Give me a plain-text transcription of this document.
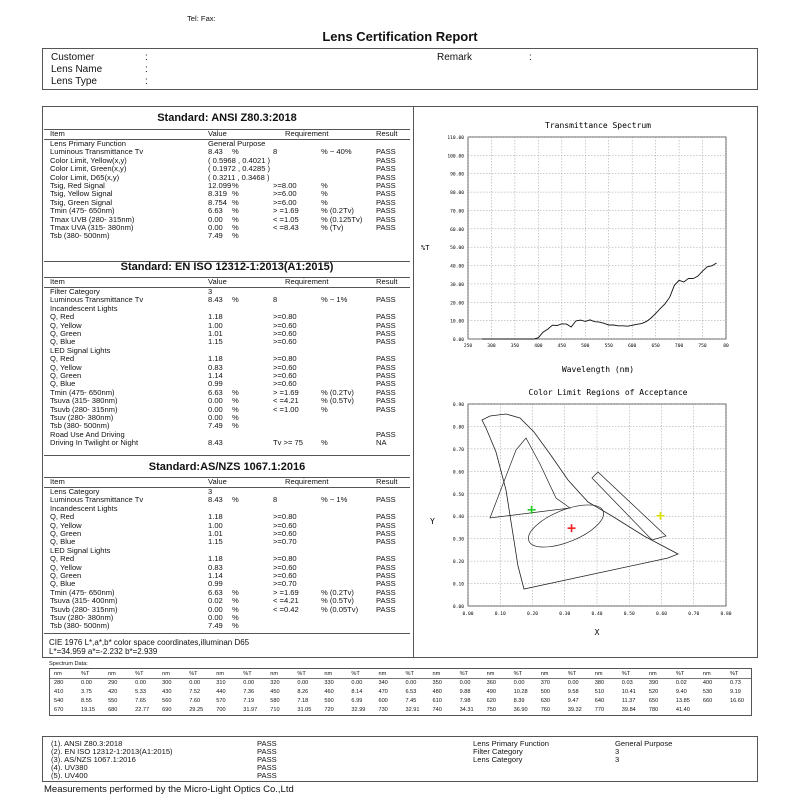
Tel: Fax:
Lens Certification Report
Customer	:
Lens Name	:
Lens Type	:
Remark	:
Standard: ANSI Z80.3:2018
Item	Value	Requirement	Result
Lens Primary Function	General Purpose
Luminous Transmittance Tv	8.43 %	8	% ~ 40%	PASS
Color Limit, Yellow(x,y)	( 0.5968 , 0.4021 )	PASS
Color Limit, Green(x,y)	( 0.1972 , 0.4285 )	PASS
Color Limit, D65(x,y)	( 0.3211 , 0.3468 )	PASS
Tsig, Red Signal	12.099 %	>=8.00	%	PASS
Tsig, Yellow Signal	8.319 %	>=6.00	%	PASS
Tsig, Green Signal	8.754 %	>=6.00	%	PASS
Tmin (475- 650nm)	6.63 %	> =1.69	% (0.2Tv)	PASS
Tmax UVB (280- 315nm)	0.00 %	< =1.05	% (0.125Tv) PASS
Tmax UVA (315- 380nm)	0.00 %	< =8.43	% (Tv)	PASS
Tsb (380- 500nm)	7.49 %
Standard: EN ISO 12312-1:2013(A1:2015)
Item	Value	Requirement	Result
Filter Category	3
Luminous Transmittance Tv	8.43 %	8	% ~ 1%	PASS
Incandescent Lights
Q, Red	1.18	>=0.80	PASS
Q, Yellow	1.00	>=0.60	PASS
Q, Green	1.01	>=0.60	PASS
Q, Blue	1.15	>=0.60	PASS
LED Signal Lights
Q, Red	1.18	>=0.80	PASS
Q, Yellow	0.83	>=0.60	PASS
Q, Green	1.14	>=0.60	PASS
Q, Blue	0.99	>=0.60	PASS
Tmin (475- 650nm)	6.63 %	> =1.69	% (0.2Tv)	PASS
Tsuva (315- 380nm)	0.00 %	< =4.21	% (0.5Tv)	PASS
Tsuvb (280- 315nm)	0.00 %	< =1.00	%	PASS
Tsuv (280- 380nm)	0.00 %
Tsb (380- 500nm)	7.49 %
Road Use And Driving	PASS
Driving In Twilight or Night	8.43	Tv >= 75 %	NA
Standard:AS/NZS 1067.1:2016
Item	Value	Requirement	Result
Lens Category	3
Luminous Transmittance Tv	8.43 %	8	% ~ 1%	PASS
Incandescent Lights
Q, Red	1.18	>=0.80	PASS
Q, Yellow	1.00	>=0.60	PASS
Q, Green	1.01	>=0.60	PASS
Q, Blue	1.15	>=0.70	PASS
LED Signal Lights
Q, Red	1.18	>=0.80	PASS
Q, Yellow	0.83	>=0.60	PASS
Q, Green	1.14	>=0.60	PASS
Q, Blue	0.99	>=0.70	PASS
Tmin (475- 650nm)	6.63 %	> =1.69	% (0.2Tv)	PASS
Tsuva (315- 400nm)	0.02 %	< =4.21	% (0.5Tv)	PASS
Tsuvb (280- 315nm)	0.00 %	< =0.42	% (0.05Tv) PASS
Tsuv (280- 380nm)	0.00 %
Tsb (380- 500nm)	7.49 %
CIE 1976 L*,a*,b* color space coordinates,illuminan D65
L*=34.959 a*=-2.232 b*=2.939
Transmittance Spectrum
0.00
10.00
20.00
30.00
40.00
50.00
60.00
70.00
80.00
90.00
100.00
110.00
250	300	350	400	450	500	550	600	650	700	750	80
%T
Wavelength (nm)
Color Limit Regions of Acceptance
0.00
0.10
0.20
0.30
0.40
0.50
0.60
0.70
0.80
0.90
0.00	0.10	0.20	0.30	0.40	0.50	0.60	0.70	0.80
Y
X
Spectrum Data:
nm	%T	nm	%T	nm	%T	nm	%T	nm	%T	nm	%T	nm	%T	nm	%T	nm	%T	nm	%T	nm	%T	nm	%T	nm	%T
280	0.00	290	0.00	300	0.00	310	0.00	320	0.00	330	0.00	340	0.00	350	0.00	360	0.00	370	0.00	380	0.03	390	0.02	400	0.73
410	3.75	420	5.33	430	7.52	440	7.36	450	8.26	460	8.14	470	6.53	480	9.88	490	10.28 500	9.58	510	10.41 520	9.40	530	9.19
540	8.55	550	7.65	560	7.60	570	7.19	580	7.18	590	6.99	600	7.45	610	7.98	620	8.39	630	9.47	640	11.37 650	13.85 660	16.60
670	19.15 680	22.77 690	29.25 700	31.97 710	31.05 720	32.99 730	32.91 740	34.31 750	36.90 760	39.32 770	39.84 780	41.40
(1). ANSI Z80.3:2018	PASS
(2). EN ISO 12312-1:2013(A1:2015)	PASS
(3). AS/NZS 1067.1:2016	PASS
(4). UV380	PASS
(5). UV400	PASS
Lens Primary Function	General Purpose
Filter Category	3
Lens Category	3
Measurements performed by the Micro-Light Optics Co.,Ltd
